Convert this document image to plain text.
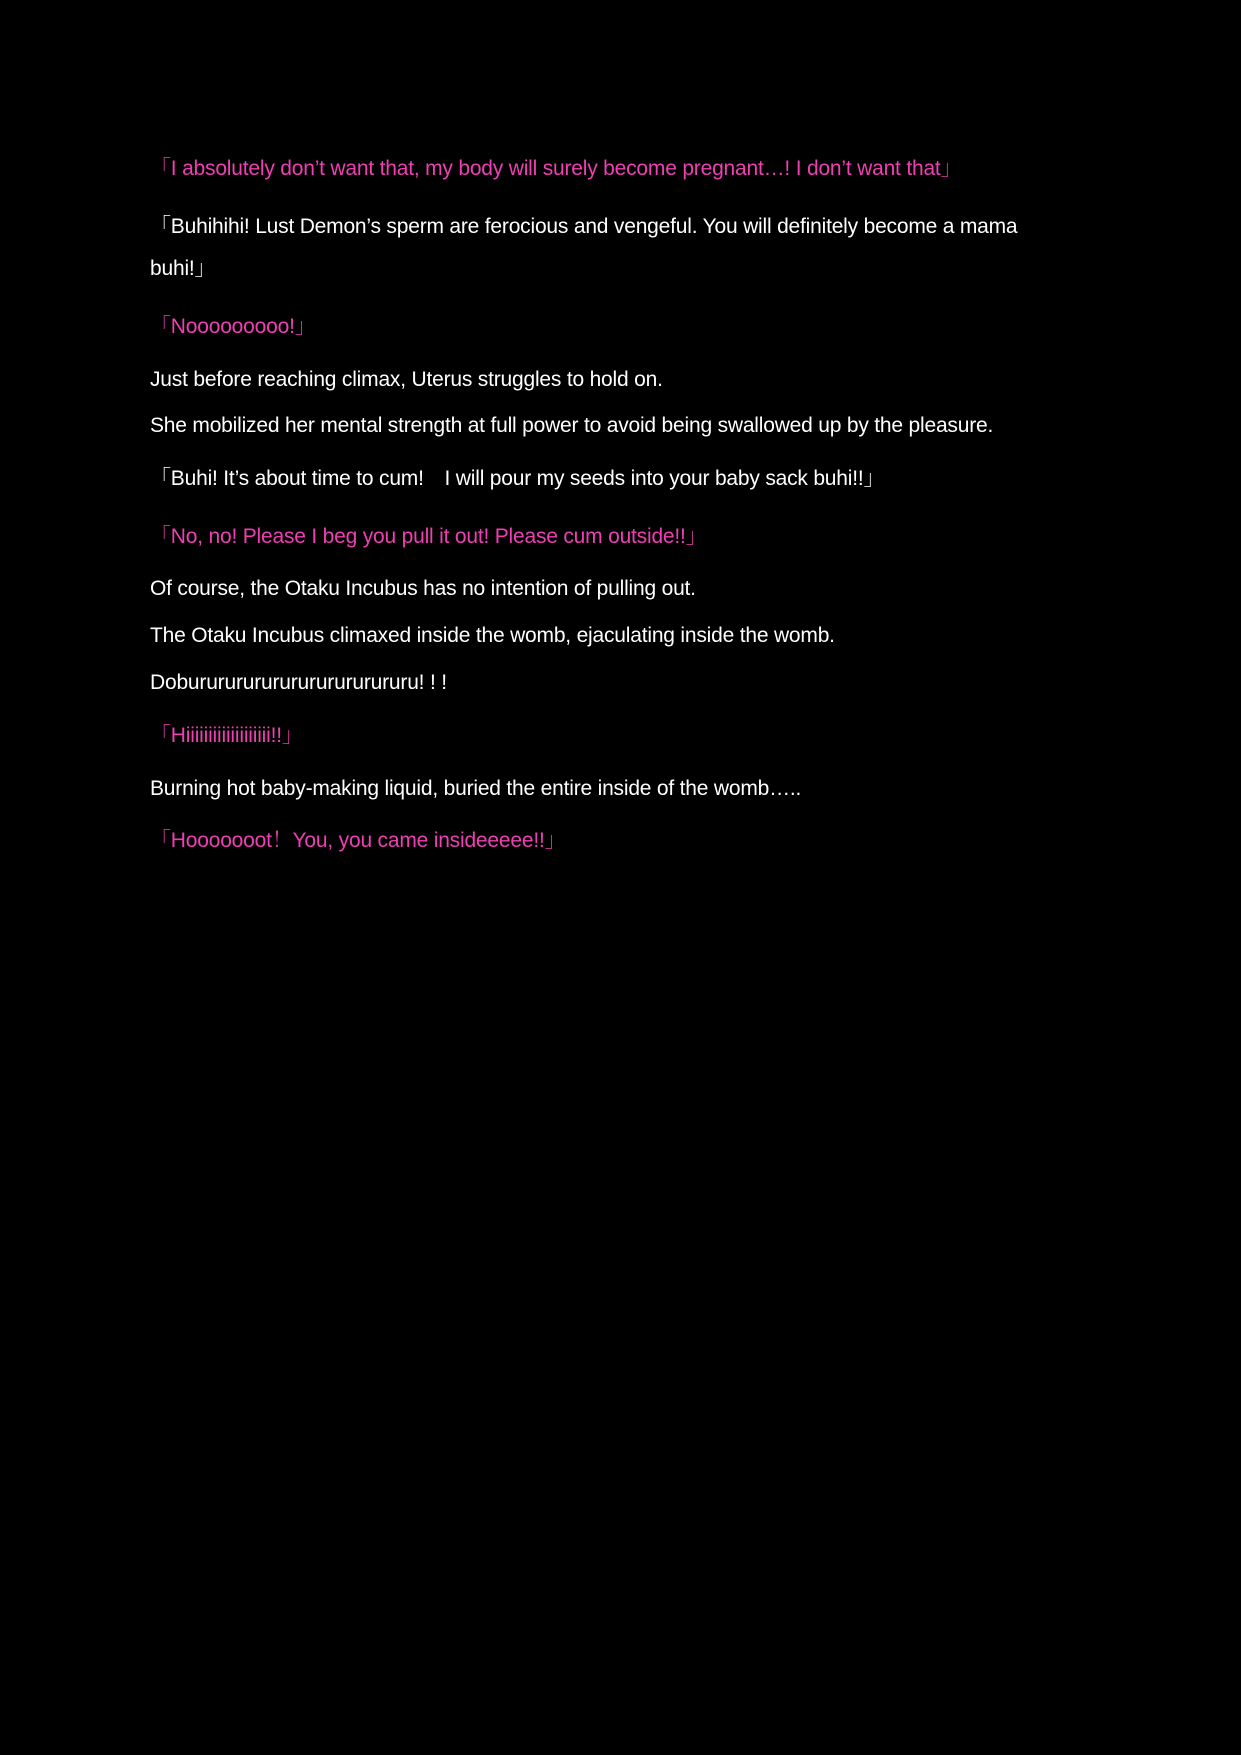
「I absolutely don’t want that, my body will surely become pregnant…! I don’t want that」

「Buhihihi! Lust Demon’s sperm are ferocious and vengeful. You will definitely become a mama

buhi!」

「Nooooooooo!」

Just before reaching climax, Uterus struggles to hold on.

She mobilized her mental strength at full power to avoid being swallowed up by the pleasure.

「Buhi! It’s about time to cum!　I will pour my seeds into your baby sack buhi!!」

「No, no! Please I beg you pull it out! Please cum outside!!」

Of course, the Otaku Incubus has no intention of pulling out.

The Otaku Incubus climaxed inside the womb, ejaculating inside the womb.

Dobururururururururururururu! ! !

「Hiiiiiiiiiiiiiiiiiii!!」

Burning hot baby-making liquid, buried the entire inside of the womb…..

「Hooooooot！You, you came insideeeee!!」
